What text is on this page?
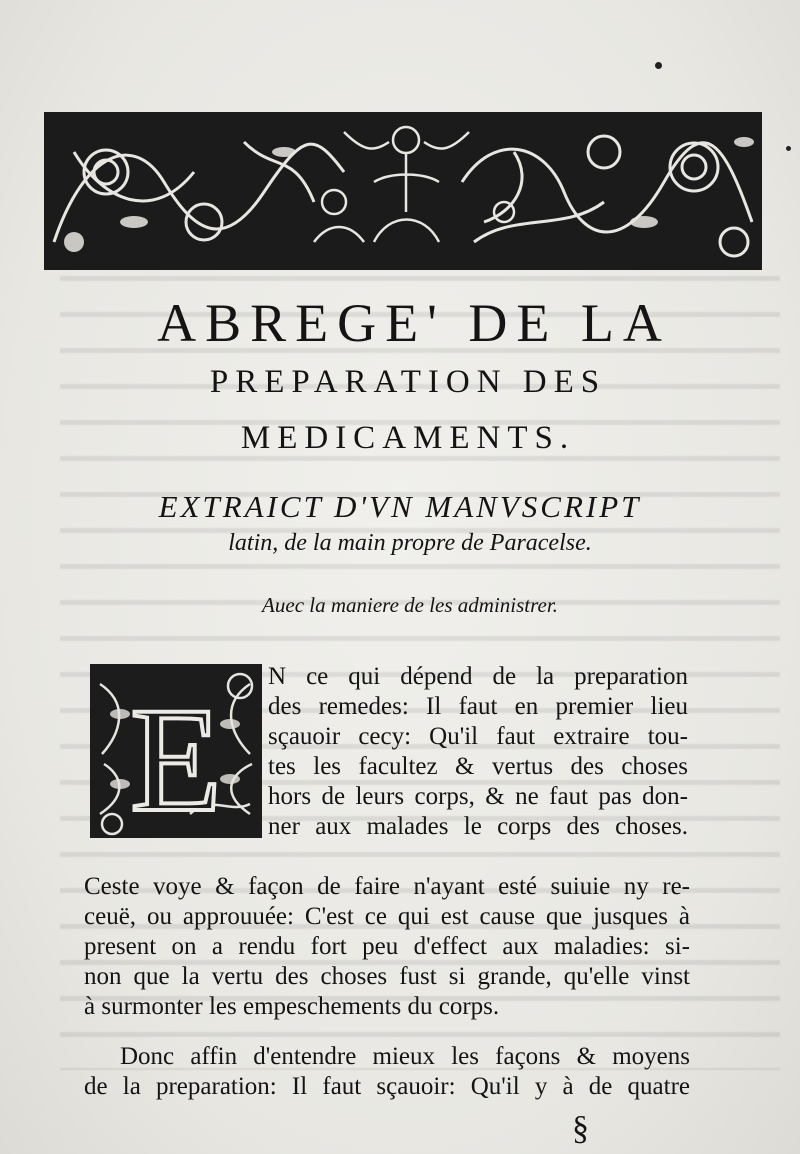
ABREGE' DE LA
PREPARATION DES
MEDICAMENTS.
EXTRAICT D'VN MANVSCRIPT
latin, de la main propre de Paracelse.
Auec la maniere de les administrer.
E
N ce qui dépend de la preparation
des remedes: Il faut en premier lieu
sçauoir cecy: Qu'il faut extraire tou-
tes les facultez & vertus des choses
hors de leurs corps, & ne faut pas don-
ner aux malades le corps des choses.
Ceste voye & façon de faire n'ayant esté suiuie ny re-
ceuë, ou approuuée: C'est ce qui est cause que jusques à
present on a rendu fort peu d'effect aux maladies: si-
non que la vertu des choses fust si grande, qu'elle vinst
à surmonter les empeschements du corps.
Donc affin d'entendre mieux les façons & moyens
de la preparation: Il faut sçauoir: Qu'il y à de quatre
§
